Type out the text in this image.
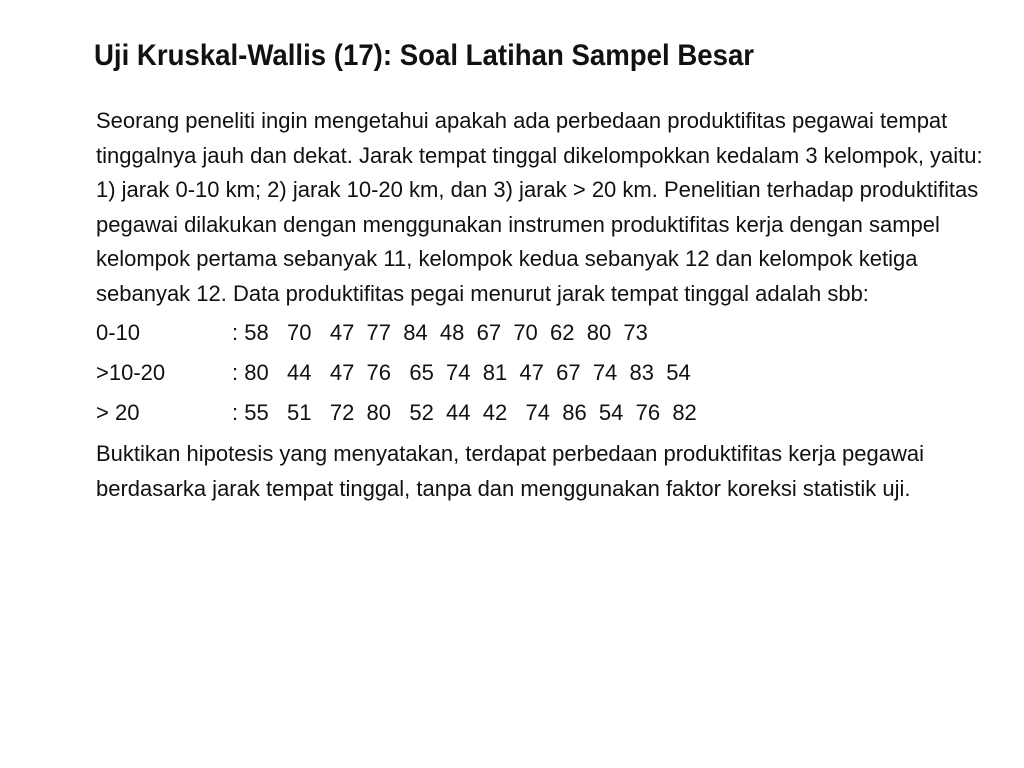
Uji Kruskal-Wallis (17): Soal Latihan Sampel Besar

Seorang peneliti ingin mengetahui apakah ada perbedaan produktifitas pegawai tempat tinggalnya jauh dan dekat. Jarak tempat tinggal dikelompokkan kedalam 3 kelompok, yaitu: 1) jarak 0-10 km; 2) jarak 10-20 km, dan 3) jarak > 20 km. Penelitian terhadap produktifitas pegawai dilakukan dengan menggunakan instrumen produktifitas kerja dengan sampel kelompok pertama sebanyak 11, kelompok kedua sebanyak 12 dan kelompok ketiga sebanyak 12. Data produktifitas pegai menurut jarak tempat tinggal adalah sbb:

0-10	: 58   70   47  77  84  48  67  70  62  80  73
>10-20	: 80   44   47  76   65  74  81  47  67  74  83  54
> 20	: 55   51   72  80   52  44  42   74  86  54  76  82

Buktikan hipotesis yang menyatakan, terdapat perbedaan produktifitas kerja pegawai berdasarka jarak tempat tinggal, tanpa dan menggunakan faktor koreksi statistik uji.
